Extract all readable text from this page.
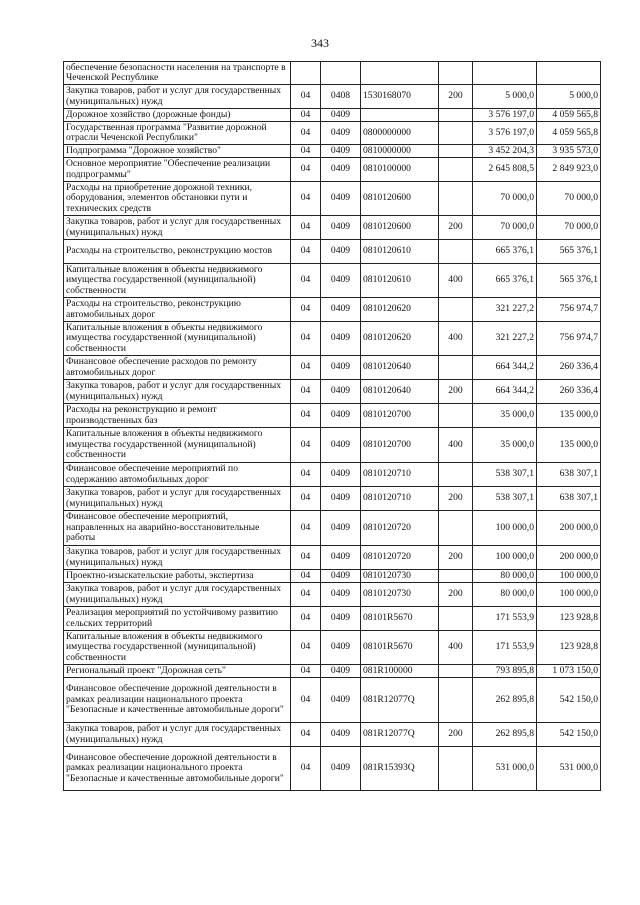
343
обеспечение безопасности населения на транспорте в Чеченской Республике						
Закупка товаров, работ и услуг для государственных (муниципальных) нужд	04	0408	1530168070	200	5 000,0	5 000,0
Дорожное хозяйство (дорожные фонды)	04	0409			3 576 197,0	4 059 565,8
Государственная программа "Развитие дорожной отрасли Чеченской Республики"	04	0409	0800000000		3 576 197,0	4 059 565,8
Подпрограмма "Дорожное хозяйство"	04	0409	0810000000		3 452 204,3	3 935 573,0
Основное мероприятие "Обеспечение реализации подпрограммы"	04	0409	0810100000		2 645 808,5	2 849 923,0
Расходы на приобретение дорожной техники, оборудования, элементов обстановки пути и технических средств	04	0409	0810120600		70 000,0	70 000,0
Закупка товаров, работ и услуг для государственных (муниципальных) нужд	04	0409	0810120600	200	70 000,0	70 000,0
Расходы на строительство, реконструкцию мостов	04	0409	0810120610		665 376,1	565 376,1
Капитальные вложения в объекты недвижимого имущества государственной (муниципальной) собственности	04	0409	0810120610	400	665 376,1	565 376,1
Расходы на строительство, реконструкцию автомобильных дорог	04	0409	0810120620		321 227,2	756 974,7
Капитальные вложения в объекты недвижимого имущества государственной (муниципальной) собственности	04	0409	0810120620	400	321 227,2	756 974,7
Финансовое обеспечение расходов по ремонту автомобильных дорог	04	0409	0810120640		664 344,2	260 336,4
Закупка товаров, работ и услуг для государственных (муниципальных) нужд	04	0409	0810120640	200	664 344,2	260 336,4
Расходы на реконструкцию и ремонт производственных баз	04	0409	0810120700		35 000,0	135 000,0
Капитальные вложения в объекты недвижимого имущества государственной (муниципальной) собственности	04	0409	0810120700	400	35 000,0	135 000,0
Финансовое обеспечение мероприятий по содержанию автомобильных дорог	04	0409	0810120710		538 307,1	638 307,1
Закупка товаров, работ и услуг для государственных (муниципальных) нужд	04	0409	0810120710	200	538 307,1	638 307,1
Финансовое обеспечение мероприятий, направленных на аварийно-восстановительные работы	04	0409	0810120720		100 000,0	200 000,0
Закупка товаров, работ и услуг для государственных (муниципальных) нужд	04	0409	0810120720	200	100 000,0	200 000,0
Проектно-изыскательские работы, экспертиза	04	0409	0810120730		80 000,0	100 000,0
Закупка товаров, работ и услуг для государственных (муниципальных) нужд	04	0409	0810120730	200	80 000,0	100 000,0
Реализация мероприятий по устойчивому развитию сельских территорий	04	0409	08101R5670		171 553,9	123 928,8
Капитальные вложения в объекты недвижимого имущества государственной (муниципальной) собственности	04	0409	08101R5670	400	171 553,9	123 928,8
Региональный проект "Дорожная сеть"	04	0409	081R100000		793 895,8	1 073 150,0
Финансовое обеспечение дорожной деятельности в рамках реализации национального проекта "Безопасные и качественные автомобильные дороги"	04	0409	081R12077Q		262 895,8	542 150,0
Закупка товаров, работ и услуг для государственных (муниципальных) нужд	04	0409	081R12077Q	200	262 895,8	542 150,0
Финансовое обеспечение дорожной деятельности в рамках реализации национального проекта "Безопасные и качественные автомобильные дороги"	04	0409	081R15393Q		531 000,0	531 000,0
